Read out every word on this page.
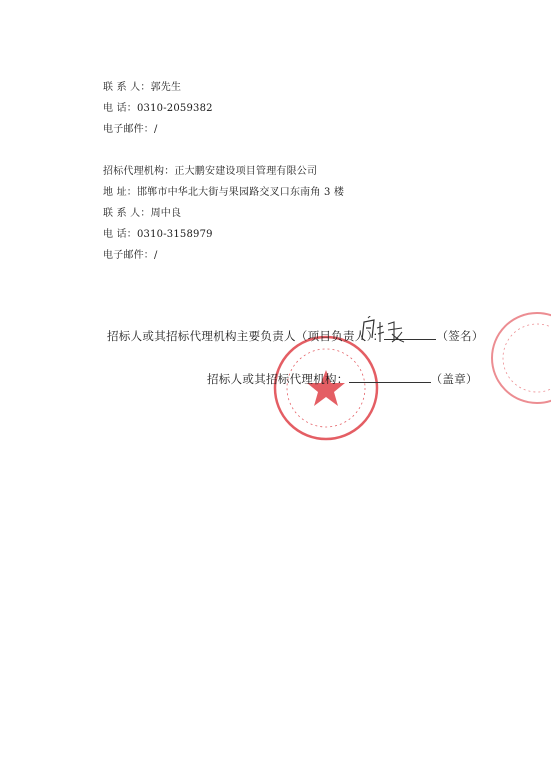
联 系 人：郭先生
电 话：0310-2059382
电子邮件：/
招标代理机构：正大鹏安建设项目管理有限公司
地 址：邯郸市中华北大街与果园路交叉口东南角 3 楼
联 系 人：周中良
电 话：0310-3158979
电子邮件：/
招标人或其招标代理机构主要负责人（项目负责人）：	（签名）
招标人或其招标代理机构：	（盖章）
